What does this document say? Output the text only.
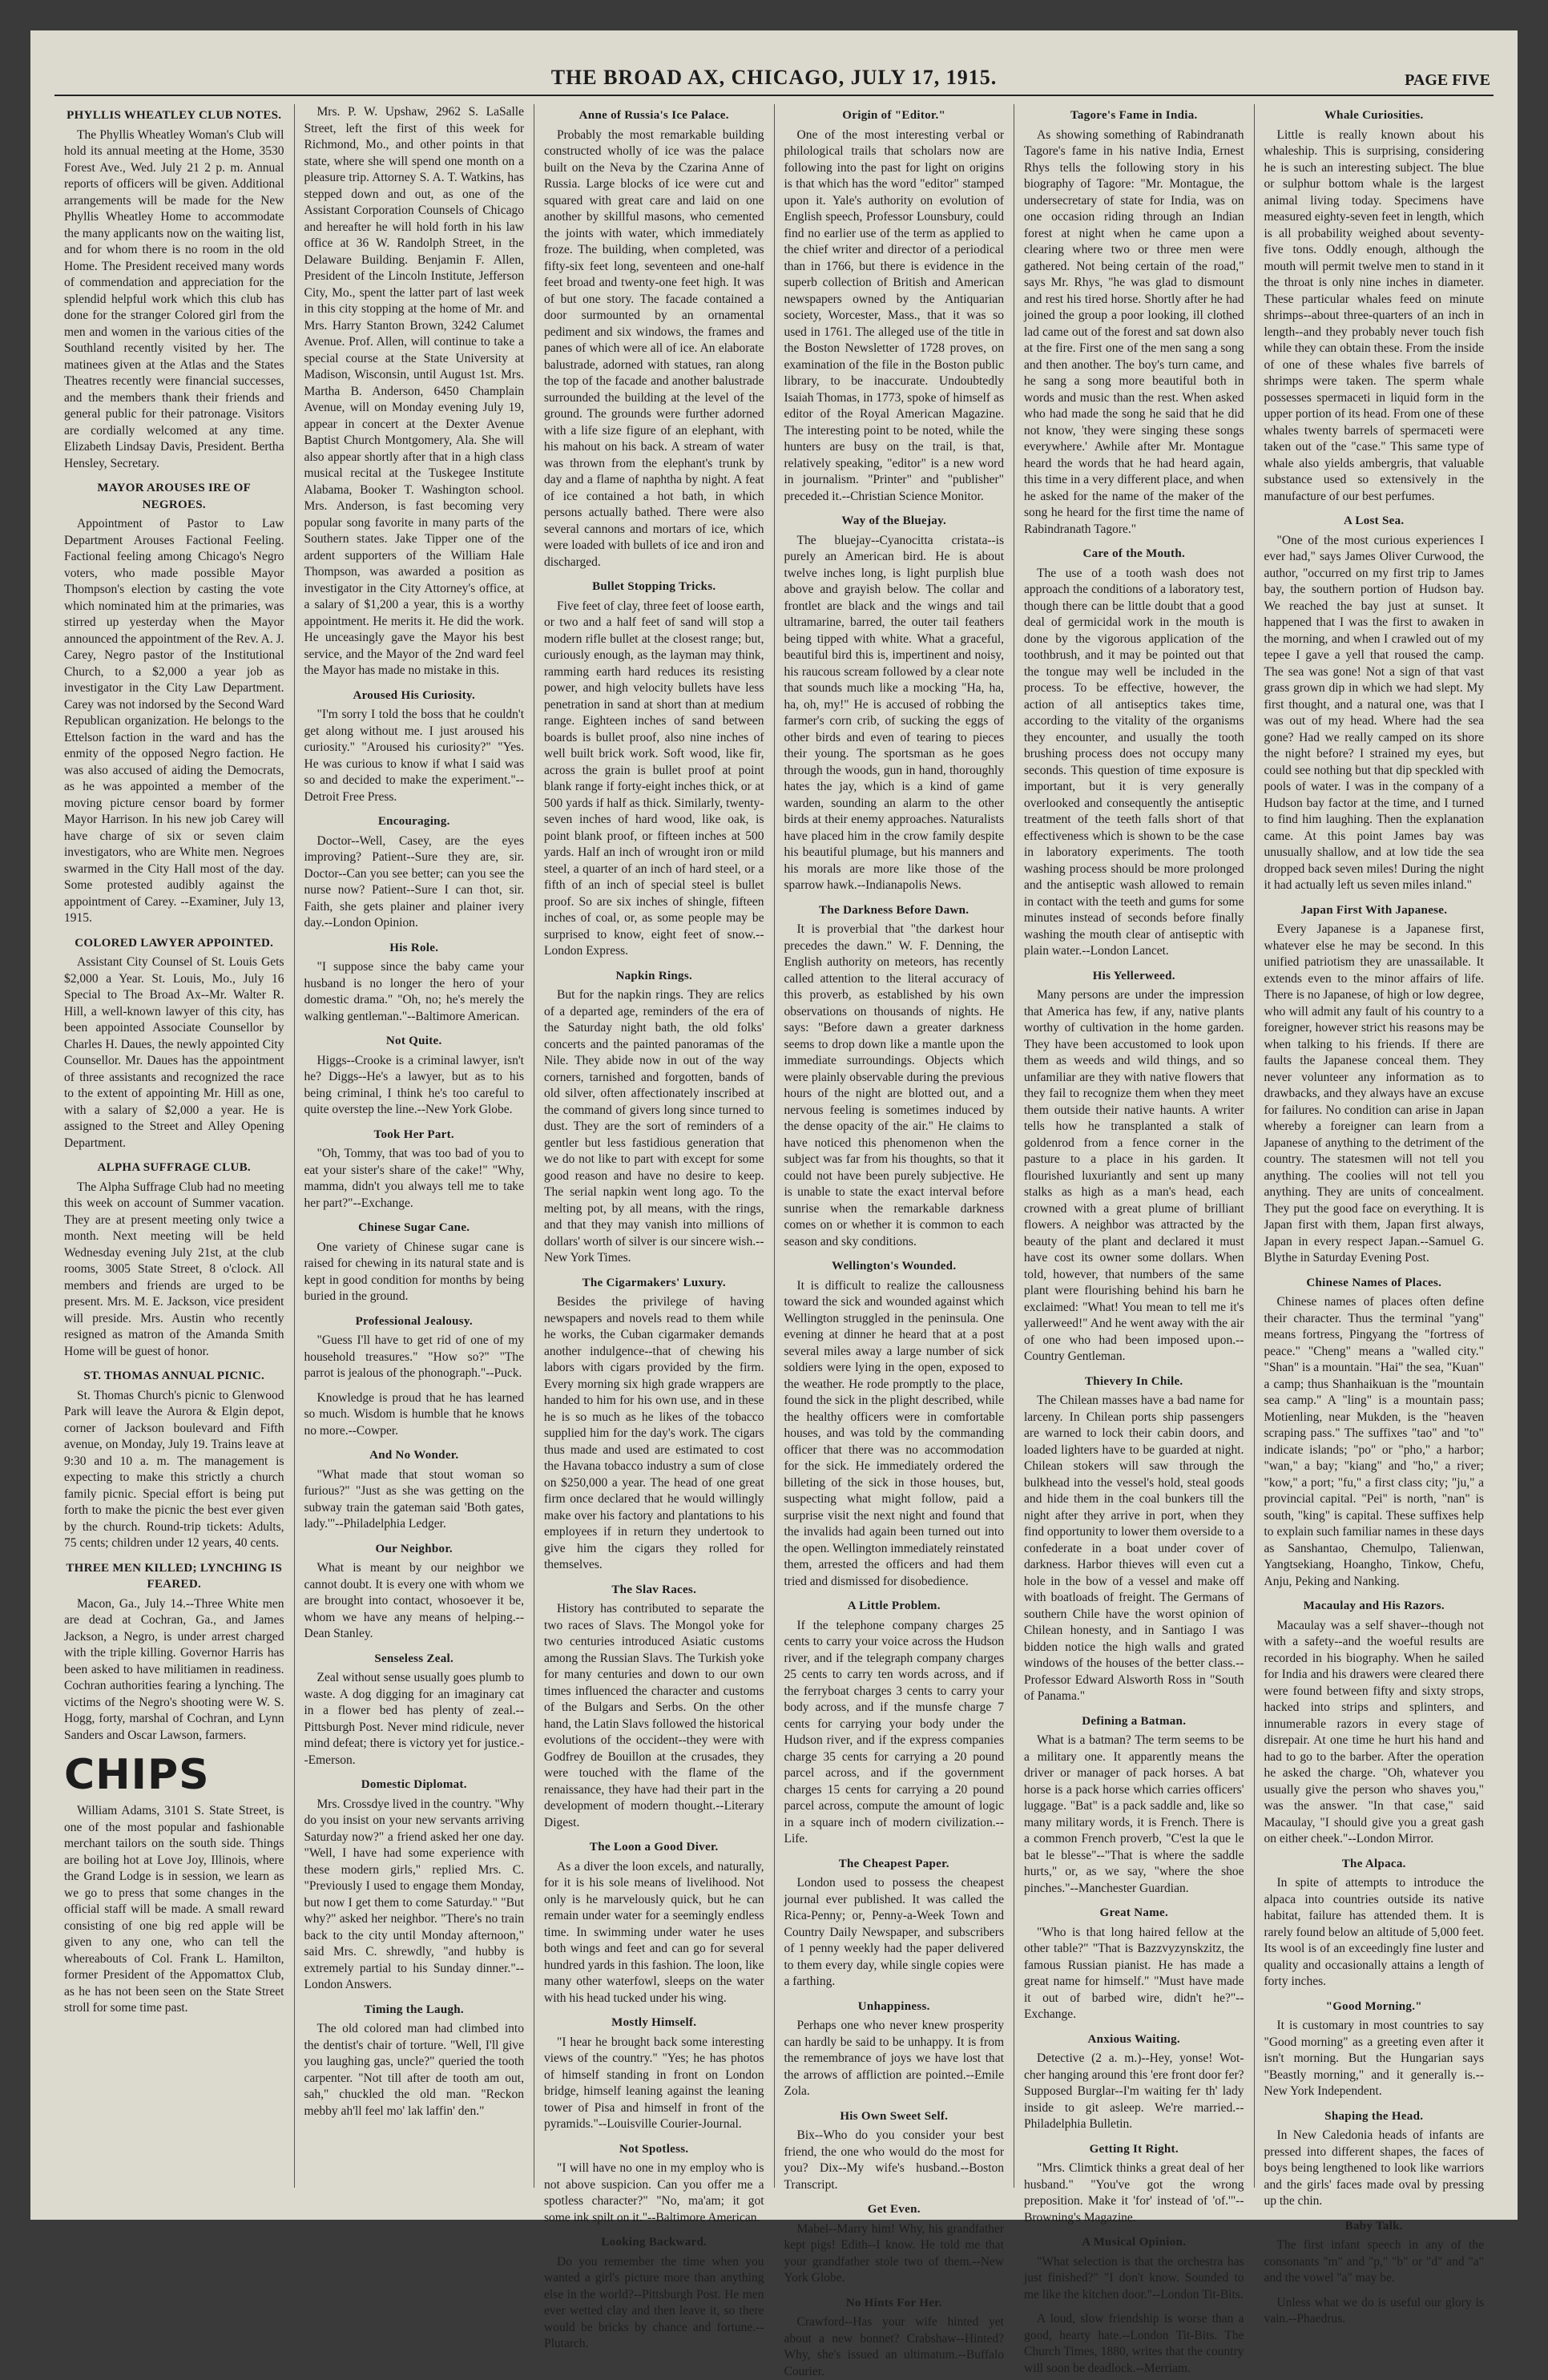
THE BROAD AX, CHICAGO, JULY 17, 1915.	PAGE FIVE
PHYLLIS WHEATLEY CLUB NOTES.

The Phyllis Wheatley Woman's Club will hold its annual meeting at the Home, 3530 Forest Ave., Wed. July 21 2 p. m. Annual reports of officers will be given. Additional arrangements will be made for the New Phyllis Wheatley Home to accommodate the many applicants now on the waiting list, and for whom there is no room in the old Home. The President received many words of commendation and appreciation for the splendid helpful work which this club has done for the stranger Colored girl from the men and women in the various cities of the Southland recently visited by her. The matinees given at the Atlas and the States Theatres recently were financial successes, and the members thank their friends and general public for their patronage. Visitors are cordially welcomed at any time. Elizabeth Lindsay Davis, President. Bertha Hensley, Secretary.

MAYOR AROUSES IRE OF NEGROES.

Appointment of Pastor to Law Department Arouses Factional Feeling. Factional feeling among Chicago's Negro voters, who made possible Mayor Thompson's election by casting the vote which nominated him at the primaries, was stirred up yesterday when the Mayor announced the appointment of the Rev. A. J. Carey, Negro pastor of the Institutional Church, to a $2,000 a year job as investigator in the City Law Department. Carey was not indorsed by the Second Ward Republican organization. He belongs to the Ettelson faction in the ward and has the enmity of the opposed Negro faction. He was also accused of aiding the Democrats, as he was appointed a member of the moving picture censor board by former Mayor Harrison. In his new job Carey will have charge of six or seven claim investigators, who are White men. Negroes swarmed in the City Hall most of the day. Some protested audibly against the appointment of Carey. --Examiner, July 13, 1915.

COLORED LAWYER APPOINTED.

Assistant City Counsel of St. Louis Gets $2,000 a Year. St. Louis, Mo., July 16 Special to The Broad Ax--Mr. Walter R. Hill, a well-known lawyer of this city, has been appointed Associate Counsellor by Charles H. Daues, the newly appointed City Counsellor. Mr. Daues has the appointment of three assistants and recognized the race to the extent of appointing Mr. Hill as one, with a salary of $2,000 a year. He is assigned to the Street and Alley Opening Department.

ALPHA SUFFRAGE CLUB.

The Alpha Suffrage Club had no meeting this week on account of Summer vacation. They are at present meeting only twice a month. Next meeting will be held Wednesday evening July 21st, at the club rooms, 3005 State Street, 8 o'clock. All members and friends are urged to be present. Mrs. M. E. Jackson, vice president will preside. Mrs. Austin who recently resigned as matron of the Amanda Smith Home will be guest of honor.

ST. THOMAS ANNUAL PICNIC.

St. Thomas Church's picnic to Glenwood Park will leave the Aurora & Elgin depot, corner of Jackson boulevard and Fifth avenue, on Monday, July 19. Trains leave at 9:30 and 10 a. m. The management is expecting to make this strictly a church family picnic. Special effort is being put forth to make the picnic the best ever given by the church. Round-trip tickets: Adults, 75 cents; children under 12 years, 40 cents.

THREE MEN KILLED; LYNCHING IS FEARED.

Macon, Ga., July 14.--Three White men are dead at Cochran, Ga., and James Jackson, a Negro, is under arrest charged with the triple killing. Governor Harris has been asked to have militiamen in readiness. Cochran authorities fearing a lynching. The victims of the Negro's shooting were W. S. Hogg, forty, marshal of Cochran, and Lynn Sanders and Oscar Lawson, farmers.

CHIPS

William Adams, 3101 S. State Street, is one of the most popular and fashionable merchant tailors on the south side. Things are boiling hot at Love Joy, Illinois, where the Grand Lodge is in session, we learn as we go to press that some changes in the official staff will be made. A small reward consisting of one big red apple will be given to any one, who can tell the whereabouts of Col. Frank L. Hamilton, former President of the Appomattox Club, as he has not been seen on the State Street stroll for some time past.

Mrs. P. W. Upshaw, 2962 S. LaSalle Street, left the first of this week for Richmond, Mo., and other points in that state, where she will spend one month on a pleasure trip. Attorney S. A. T. Watkins, has stepped down and out, as one of the Assistant Corporation Counsels of Chicago and hereafter he will hold forth in his law office at 36 W. Randolph Street, in the Delaware Building. Benjamin F. Allen, President of the Lincoln Institute, Jefferson City, Mo., spent the latter part of last week in this city stopping at the home of Mr. and Mrs. Harry Stanton Brown, 3242 Calumet Avenue. Prof. Allen, will continue to take a special course at the State University at Madison, Wisconsin, until August 1st. Mrs. Martha B. Anderson, 6450 Champlain Avenue, will on Monday evening July 19, appear in concert at the Dexter Avenue Baptist Church Montgomery, Ala. She will also appear shortly after that in a high class musical recital at the Tuskegee Institute Alabama, Booker T. Washington school. Mrs. Anderson, is fast becoming very popular song favorite in many parts of the Southern states. Jake Tipper one of the ardent supporters of the William Hale Thompson, was awarded a position as investigator in the City Attorney's office, at a salary of $1,200 a year, this is a worthy appointment. He merits it. He did the work. He unceasingly gave the Mayor his best service, and the Mayor of the 2nd ward feel the Mayor has made no mistake in this.

Aroused His Curiosity.

"I'm sorry I told the boss that he couldn't get along without me. I just aroused his curiosity." "Aroused his curiosity?" "Yes. He was curious to know if what I said was so and decided to make the experiment."--Detroit Free Press.

Encouraging.

Doctor--Well, Casey, are the eyes improving? Patient--Sure they are, sir. Doctor--Can you see better; can you see the nurse now? Patient--Sure I can thot, sir. Faith, she gets plainer and plainer ivery day.--London Opinion.

His Role.

"I suppose since the baby came your husband is no longer the hero of your domestic drama." "Oh, no; he's merely the walking gentleman."--Baltimore American.

Not Quite.

Higgs--Crooke is a criminal lawyer, isn't he? Diggs--He's a lawyer, but as to his being criminal, I think he's too careful to quite overstep the line.--New York Globe.

Took Her Part.

"Oh, Tommy, that was too bad of you to eat your sister's share of the cake!" "Why, mamma, didn't you always tell me to take her part?"--Exchange.

Chinese Sugar Cane.

One variety of Chinese sugar cane is raised for chewing in its natural state and is kept in good condition for months by being buried in the ground.

Professional Jealousy.

"Guess I'll have to get rid of one of my household treasures." "How so?" "The parrot is jealous of the phonograph."--Puck.

Knowledge is proud that he has learned so much. Wisdom is humble that he knows no more.--Cowper.

And No Wonder.

"What made that stout woman so furious?" "Just as she was getting on the subway train the gateman said 'Both gates, lady.'"--Philadelphia Ledger.

Our Neighbor.

What is meant by our neighbor we cannot doubt. It is every one with whom we are brought into contact, whosoever it be, whom we have any means of helping.--Dean Stanley.

Senseless Zeal.

Zeal without sense usually goes plumb to waste. A dog digging for an imaginary cat in a flower bed has plenty of zeal.--Pittsburgh Post. Never mind ridicule, never mind defeat; there is victory yet for justice.--Emerson.

Domestic Diplomat.

Mrs. Crossdye lived in the country. "Why do you insist on your new servants arriving Saturday now?" a friend asked her one day. "Well, I have had some experience with these modern girls," replied Mrs. C. "Previously I used to engage them Monday, but now I get them to come Saturday." "But why?" asked her neighbor. "There's no train back to the city until Monday afternoon," said Mrs. C. shrewdly, "and hubby is extremely partial to his Sunday dinner."--London Answers.

Timing the Laugh.

The old colored man had climbed into the dentist's chair of torture. "Well, I'll give you laughing gas, uncle?" queried the tooth carpenter. "Not till after de tooth am out, sah," chuckled the old man. "Reckon mebby ah'll feel mo' lak laffin' den."

Anne of Russia's Ice Palace.

Probably the most remarkable building constructed wholly of ice was the palace built on the Neva by the Czarina Anne of Russia. Large blocks of ice were cut and squared with great care and laid on one another by skillful masons, who cemented the joints with water, which immediately froze. The building, when completed, was fifty-six feet long, seventeen and one-half feet broad and twenty-one feet high. It was of but one story. The facade contained a door surmounted by an ornamental pediment and six windows, the frames and panes of which were all of ice. An elaborate balustrade, adorned with statues, ran along the top of the facade and another balustrade surrounded the building at the level of the ground. The grounds were further adorned with a life size figure of an elephant, with his mahout on his back. A stream of water was thrown from the elephant's trunk by day and a flame of naphtha by night. A feat of ice contained a hot bath, in which persons actually bathed. There were also several cannons and mortars of ice, which were loaded with bullets of ice and iron and discharged.

Bullet Stopping Tricks.

Five feet of clay, three feet of loose earth, or two and a half feet of sand will stop a modern rifle bullet at the closest range; but, curiously enough, as the layman may think, ramming earth hard reduces its resisting power, and high velocity bullets have less penetration in sand at short than at medium range. Eighteen inches of sand between boards is bullet proof, also nine inches of well built brick work. Soft wood, like fir, across the grain is bullet proof at point blank range if forty-eight inches thick, or at 500 yards if half as thick. Similarly, twenty-seven inches of hard wood, like oak, is point blank proof, or fifteen inches at 500 yards. Half an inch of wrought iron or mild steel, a quarter of an inch of hard steel, or a fifth of an inch of special steel is bullet proof. So are six inches of shingle, fifteen inches of coal, or, as some people may be surprised to know, eight feet of snow.--London Express.

Napkin Rings.

But for the napkin rings. They are relics of a departed age, reminders of the era of the Saturday night bath, the old folks' concerts and the painted panoramas of the Nile. They abide now in out of the way corners, tarnished and forgotten, bands of old silver, often affectionately inscribed at the command of givers long since turned to dust. They are the sort of reminders of a gentler but less fastidious generation that we do not like to part with except for some good reason and have no desire to keep. The serial napkin went long ago. To the melting pot, by all means, with the rings, and that they may vanish into millions of dollars' worth of silver is our sincere wish.--New York Times.

The Cigarmakers' Luxury.

Besides the privilege of having newspapers and novels read to them while he works, the Cuban cigarmaker demands another indulgence--that of chewing his labors with cigars provided by the firm. Every morning six high grade wrappers are handed to him for his own use, and in these he is so much as he likes of the tobacco supplied him for the day's work. The cigars thus made and used are estimated to cost the Havana tobacco industry a sum of close on $250,000 a year. The head of one great firm once declared that he would willingly make over his factory and plantations to his employees if in return they undertook to give him the cigars they rolled for themselves.

The Slav Races.

History has contributed to separate the two races of Slavs. The Mongol yoke for two centuries introduced Asiatic customs among the Russian Slavs. The Turkish yoke for many centuries and down to our own times influenced the character and customs of the Bulgars and Serbs. On the other hand, the Latin Slavs followed the historical evolutions of the occident--they were with Godfrey de Bouillon at the crusades, they were touched with the flame of the renaissance, they have had their part in the development of modern thought.--Literary Digest.

The Loon a Good Diver.

As a diver the loon excels, and naturally, for it is his sole means of livelihood. Not only is he marvelously quick, but he can remain under water for a seemingly endless time. In swimming under water he uses both wings and feet and can go for several hundred yards in this fashion. The loon, like many other waterfowl, sleeps on the water with his head tucked under his wing.

Mostly Himself.

"I hear he brought back some interesting views of the country." "Yes; he has photos of himself standing in front on London bridge, himself leaning against the leaning tower of Pisa and himself in front of the pyramids."--Louisville Courier-Journal.

Not Spotless.

"I will have no one in my employ who is not above suspicion. Can you offer me a spotless character?" "No, ma'am; it got some ink spilt on it."--Baltimore American.

Looking Backward.

Do you remember the time when you wanted a girl's picture more than anything else in the world?--Pittsburgh Post. He men ever wetted clay and then leave it, so there would be bricks by chance and fortune.--Plutarch.

Origin of "Editor."

One of the most interesting verbal or philological trails that scholars now are following into the past for light on origins is that which has the word "editor" stamped upon it. Yale's authority on evolution of English speech, Professor Lounsbury, could find no earlier use of the term as applied to the chief writer and director of a periodical than in 1766, but there is evidence in the superb collection of British and American newspapers owned by the Antiquarian society, Worcester, Mass., that it was so used in 1761. The alleged use of the title in the Boston Newsletter of 1728 proves, on examination of the file in the Boston public library, to be inaccurate. Undoubtedly Isaiah Thomas, in 1773, spoke of himself as editor of the Royal American Magazine. The interesting point to be noted, while the hunters are busy on the trail, is that, relatively speaking, "editor" is a new word in journalism. "Printer" and "publisher" preceded it.--Christian Science Monitor.

Way of the Bluejay.

The bluejay--Cyanocitta cristata--is purely an American bird. He is about twelve inches long, is light purplish blue above and grayish below. The collar and frontlet are black and the wings and tail ultramarine, barred, the outer tail feathers being tipped with white. What a graceful, beautiful bird this is, impertinent and noisy, his raucous scream followed by a clear note that sounds much like a mocking "Ha, ha, ha, oh, my!" He is accused of robbing the farmer's corn crib, of sucking the eggs of other birds and even of tearing to pieces their young. The sportsman as he goes through the woods, gun in hand, thoroughly hates the jay, which is a kind of game warden, sounding an alarm to the other birds at their enemy approaches. Naturalists have placed him in the crow family despite his beautiful plumage, but his manners and his morals are more like those of the sparrow hawk.--Indianapolis News.

The Darkness Before Dawn.

It is proverbial that "the darkest hour precedes the dawn." W. F. Denning, the English authority on meteors, has recently called attention to the literal accuracy of this proverb, as established by his own observations on thousands of nights. He says: "Before dawn a greater darkness seems to drop down like a mantle upon the immediate surroundings. Objects which were plainly observable during the previous hours of the night are blotted out, and a nervous feeling is sometimes induced by the dense opacity of the air." He claims to have noticed this phenomenon when the subject was far from his thoughts, so that it could not have been purely subjective. He is unable to state the exact interval before sunrise when the remarkable darkness comes on or whether it is common to each season and sky conditions.

Wellington's Wounded.

It is difficult to realize the callousness toward the sick and wounded against which Wellington struggled in the peninsula. One evening at dinner he heard that at a post several miles away a large number of sick soldiers were lying in the open, exposed to the weather. He rode promptly to the place, found the sick in the plight described, while the healthy officers were in comfortable houses, and was told by the commanding officer that there was no accommodation for the sick. He immediately ordered the billeting of the sick in those houses, but, suspecting what might follow, paid a surprise visit the next night and found that the invalids had again been turned out into the open. Wellington immediately reinstated them, arrested the officers and had them tried and dismissed for disobedience.

A Little Problem.

If the telephone company charges 25 cents to carry your voice across the Hudson river, and if the telegraph company charges 25 cents to carry ten words across, and if the ferryboat charges 3 cents to carry your body across, and if the munsfe charge 7 cents for carrying your body under the Hudson river, and if the express companies charge 35 cents for carrying a 20 pound parcel across, and if the government charges 15 cents for carrying a 20 pound parcel across, compute the amount of logic in a square inch of modern civilization.--Life.

The Cheapest Paper.

London used to possess the cheapest journal ever published. It was called the Rica-Penny; or, Penny-a-Week Town and Country Daily Newspaper, and subscribers of 1 penny weekly had the paper delivered to them every day, while single copies were a farthing.

Unhappiness.

Perhaps one who never knew prosperity can hardly be said to be unhappy. It is from the remembrance of joys we have lost that the arrows of affliction are pointed.--Emile Zola.

His Own Sweet Self.

Bix--Who do you consider your best friend, the one who would do the most for you? Dix--My wife's husband.--Boston Transcript.

Get Even.

Mabel--Marry him! Why, his grandfather kept pigs! Edith--I know. He told me that your grandfather stole two of them.--New York Globe.

No Hints For Her.

Crawford--Has your wife hinted yet about a new bonnet? Crabshaw--Hinted? Why, she's issued an ultimatum.--Buffalo Courier.

Tagore's Fame in India.

As showing something of Rabindranath Tagore's fame in his native India, Ernest Rhys tells the following story in his biography of Tagore: "Mr. Montague, the undersecretary of state for India, was on one occasion riding through an Indian forest at night when he came upon a clearing where two or three men were gathered. Not being certain of the road," says Mr. Rhys, "he was glad to dismount and rest his tired horse. Shortly after he had joined the group a poor looking, ill clothed lad came out of the forest and sat down also at the fire. First one of the men sang a song and then another. The boy's turn came, and he sang a song more beautiful both in words and music than the rest. When asked who had made the song he said that he did not know, 'they were singing these songs everywhere.' Awhile after Mr. Montague heard the words that he had heard again, this time in a very different place, and when he asked for the name of the maker of the song he heard for the first time the name of Rabindranath Tagore."

Care of the Mouth.

The use of a tooth wash does not approach the conditions of a laboratory test, though there can be little doubt that a good deal of germicidal work in the mouth is done by the vigorous application of the toothbrush, and it may be pointed out that the tongue may well be included in the process. To be effective, however, the action of all antiseptics takes time, according to the vitality of the organisms they encounter, and usually the tooth brushing process does not occupy many seconds. This question of time exposure is important, but it is very generally overlooked and consequently the antiseptic treatment of the teeth falls short of that effectiveness which is shown to be the case in laboratory experiments. The tooth washing process should be more prolonged and the antiseptic wash allowed to remain in contact with the teeth and gums for some minutes instead of seconds before finally washing the mouth clear of antiseptic with plain water.--London Lancet.

His Yellerweed.

Many persons are under the impression that America has few, if any, native plants worthy of cultivation in the home garden. They have been accustomed to look upon them as weeds and wild things, and so unfamiliar are they with native flowers that they fail to recognize them when they meet them outside their native haunts. A writer tells how he transplanted a stalk of goldenrod from a fence corner in the pasture to a place in his garden. It flourished luxuriantly and sent up many stalks as high as a man's head, each crowned with a great plume of brilliant flowers. A neighbor was attracted by the beauty of the plant and declared it must have cost its owner some dollars. When told, however, that numbers of the same plant were flourishing behind his barn he exclaimed: "What! You mean to tell me it's yallerweed!" And he went away with the air of one who had been imposed upon.--Country Gentleman.

Thievery In Chile.

The Chilean masses have a bad name for larceny. In Chilean ports ship passengers are warned to lock their cabin doors, and loaded lighters have to be guarded at night. Chilean stokers will saw through the bulkhead into the vessel's hold, steal goods and hide them in the coal bunkers till the night after they arrive in port, when they find opportunity to lower them overside to a confederate in a boat under cover of darkness. Harbor thieves will even cut a hole in the bow of a vessel and make off with boatloads of freight. The Germans of southern Chile have the worst opinion of Chilean honesty, and in Santiago I was bidden notice the high walls and grated windows of the houses of the better class.--Professor Edward Alsworth Ross in "South of Panama."

Defining a Batman.

What is a batman? The term seems to be a military one. It apparently means the driver or manager of pack horses. A bat horse is a pack horse which carries officers' luggage. "Bat" is a pack saddle and, like so many military words, it is French. There is a common French proverb, "C'est la que le bat le blesse"--"That is where the saddle hurts," or, as we say, "where the shoe pinches."--Manchester Guardian.

Great Name.

"Who is that long haired fellow at the other table?" "That is Bazzvyzynskzitz, the famous Russian pianist. He has made a great name for himself." "Must have made it out of barbed wire, didn't he?"--Exchange.

Anxious Waiting.

Detective (2 a. m.)--Hey, yonse! Wot-cher hanging around this 'ere front door fer? Supposed Burglar--I'm waiting fer th' lady inside to git asleep. We're married.--Philadelphia Bulletin.

Getting It Right.

"Mrs. Climtick thinks a great deal of her husband." "You've got the wrong preposition. Make it 'for' instead of 'of.'"--Browning's Magazine.

A Musical Opinion.

"What selection is that the orchestra has just finished?" "I don't know. Sounded to me like the kitchen door."--London Tit-Bits.

A loud, slow friendship is worse than a good, hearty hate.--London Tit-Bits. The Church Times, 1880, writes that the country will soon be deadlock.--Merriam.

Whale Curiosities.

Little is really known about his whaleship. This is surprising, considering he is such an interesting subject. The blue or sulphur bottom whale is the largest animal living today. Specimens have measured eighty-seven feet in length, which is all probability weighed about seventy-five tons. Oddly enough, although the mouth will permit twelve men to stand in it the throat is only nine inches in diameter. These particular whales feed on minute shrimps--about three-quarters of an inch in length--and they probably never touch fish while they can obtain these. From the inside of one of these whales five barrels of shrimps were taken. The sperm whale possesses spermaceti in liquid form in the upper portion of its head. From one of these whales twenty barrels of spermaceti were taken out of the "case." This same type of whale also yields ambergris, that valuable substance used so extensively in the manufacture of our best perfumes.

A Lost Sea.

"One of the most curious experiences I ever had," says James Oliver Curwood, the author, "occurred on my first trip to James bay, the southern portion of Hudson bay. We reached the bay just at sunset. It happened that I was the first to awaken in the morning, and when I crawled out of my tepee I gave a yell that roused the camp. The sea was gone! Not a sign of that vast grass grown dip in which we had slept. My first thought, and a natural one, was that I was out of my head. Where had the sea gone? Had we really camped on its shore the night before? I strained my eyes, but could see nothing but that dip speckled with pools of water. I was in the company of a Hudson bay factor at the time, and I turned to find him laughing. Then the explanation came. At this point James bay was unusually shallow, and at low tide the sea dropped back seven miles! During the night it had actually left us seven miles inland."

Japan First With Japanese.

Every Japanese is a Japanese first, whatever else he may be second. In this unified patriotism they are unassailable. It extends even to the minor affairs of life. There is no Japanese, of high or low degree, who will admit any fault of his country to a foreigner, however strict his reasons may be when talking to his friends. If there are faults the Japanese conceal them. They never volunteer any information as to drawbacks, and they always have an excuse for failures. No condition can arise in Japan whereby a foreigner can learn from a Japanese of anything to the detriment of the country. The statesmen will not tell you anything. The coolies will not tell you anything. They are units of concealment. They put the good face on everything. It is Japan first with them, Japan first always, Japan in every respect Japan.--Samuel G. Blythe in Saturday Evening Post.

Chinese Names of Places.

Chinese names of places often define their character. Thus the terminal "yang" means fortress, Pingyang the "fortress of peace." "Cheng" means a "walled city." "Shan" is a mountain. "Hai" the sea, "Kuan" a camp; thus Shanhaikuan is the "mountain sea camp." A "ling" is a mountain pass; Motienling, near Mukden, is the "heaven scraping pass." The suffixes "tao" and "to" indicate islands; "po" or "pho," a harbor; "wan," a bay; "kiang" and "ho," a river; "kow," a port; "fu," a first class city; "ju," a provincial capital. "Pei" is north, "nan" is south, "king" is capital. These suffixes help to explain such familiar names in these days as Sanshantao, Chemulpo, Talienwan, Yangtsekiang, Hoangho, Tinkow, Chefu, Anju, Peking and Nanking.

Macaulay and His Razors.

Macaulay was a self shaver--though not with a safety--and the woeful results are recorded in his biography. When he sailed for India and his drawers were cleared there were found between fifty and sixty strops, hacked into strips and splinters, and innumerable razors in every stage of disrepair. At one time he hurt his hand and had to go to the barber. After the operation he asked the charge. "Oh, whatever you usually give the person who shaves you," was the answer. "In that case," said Macaulay, "I should give you a great gash on either cheek."--London Mirror.

The Alpaca.

In spite of attempts to introduce the alpaca into countries outside its native habitat, failure has attended them. It is rarely found below an altitude of 5,000 feet. Its wool is of an exceedingly fine luster and quality and occasionally attains a length of forty inches.

"Good Morning."

It is customary in most countries to say "Good morning" as a greeting even after it isn't morning. But the Hungarian says "Beastly morning," and it generally is.--New York Independent.

Shaping the Head.

In New Caledonia heads of infants are pressed into different shapes, the faces of boys being lengthened to look like warriors and the girls' faces made oval by pressing up the chin.

Baby Talk.

The first infant speech in any of the consonants "m" and "p," "b" or "d" and "a" and the vowel "a" may be.

Unless what we do is useful our glory is vain.--Phaedrus.
